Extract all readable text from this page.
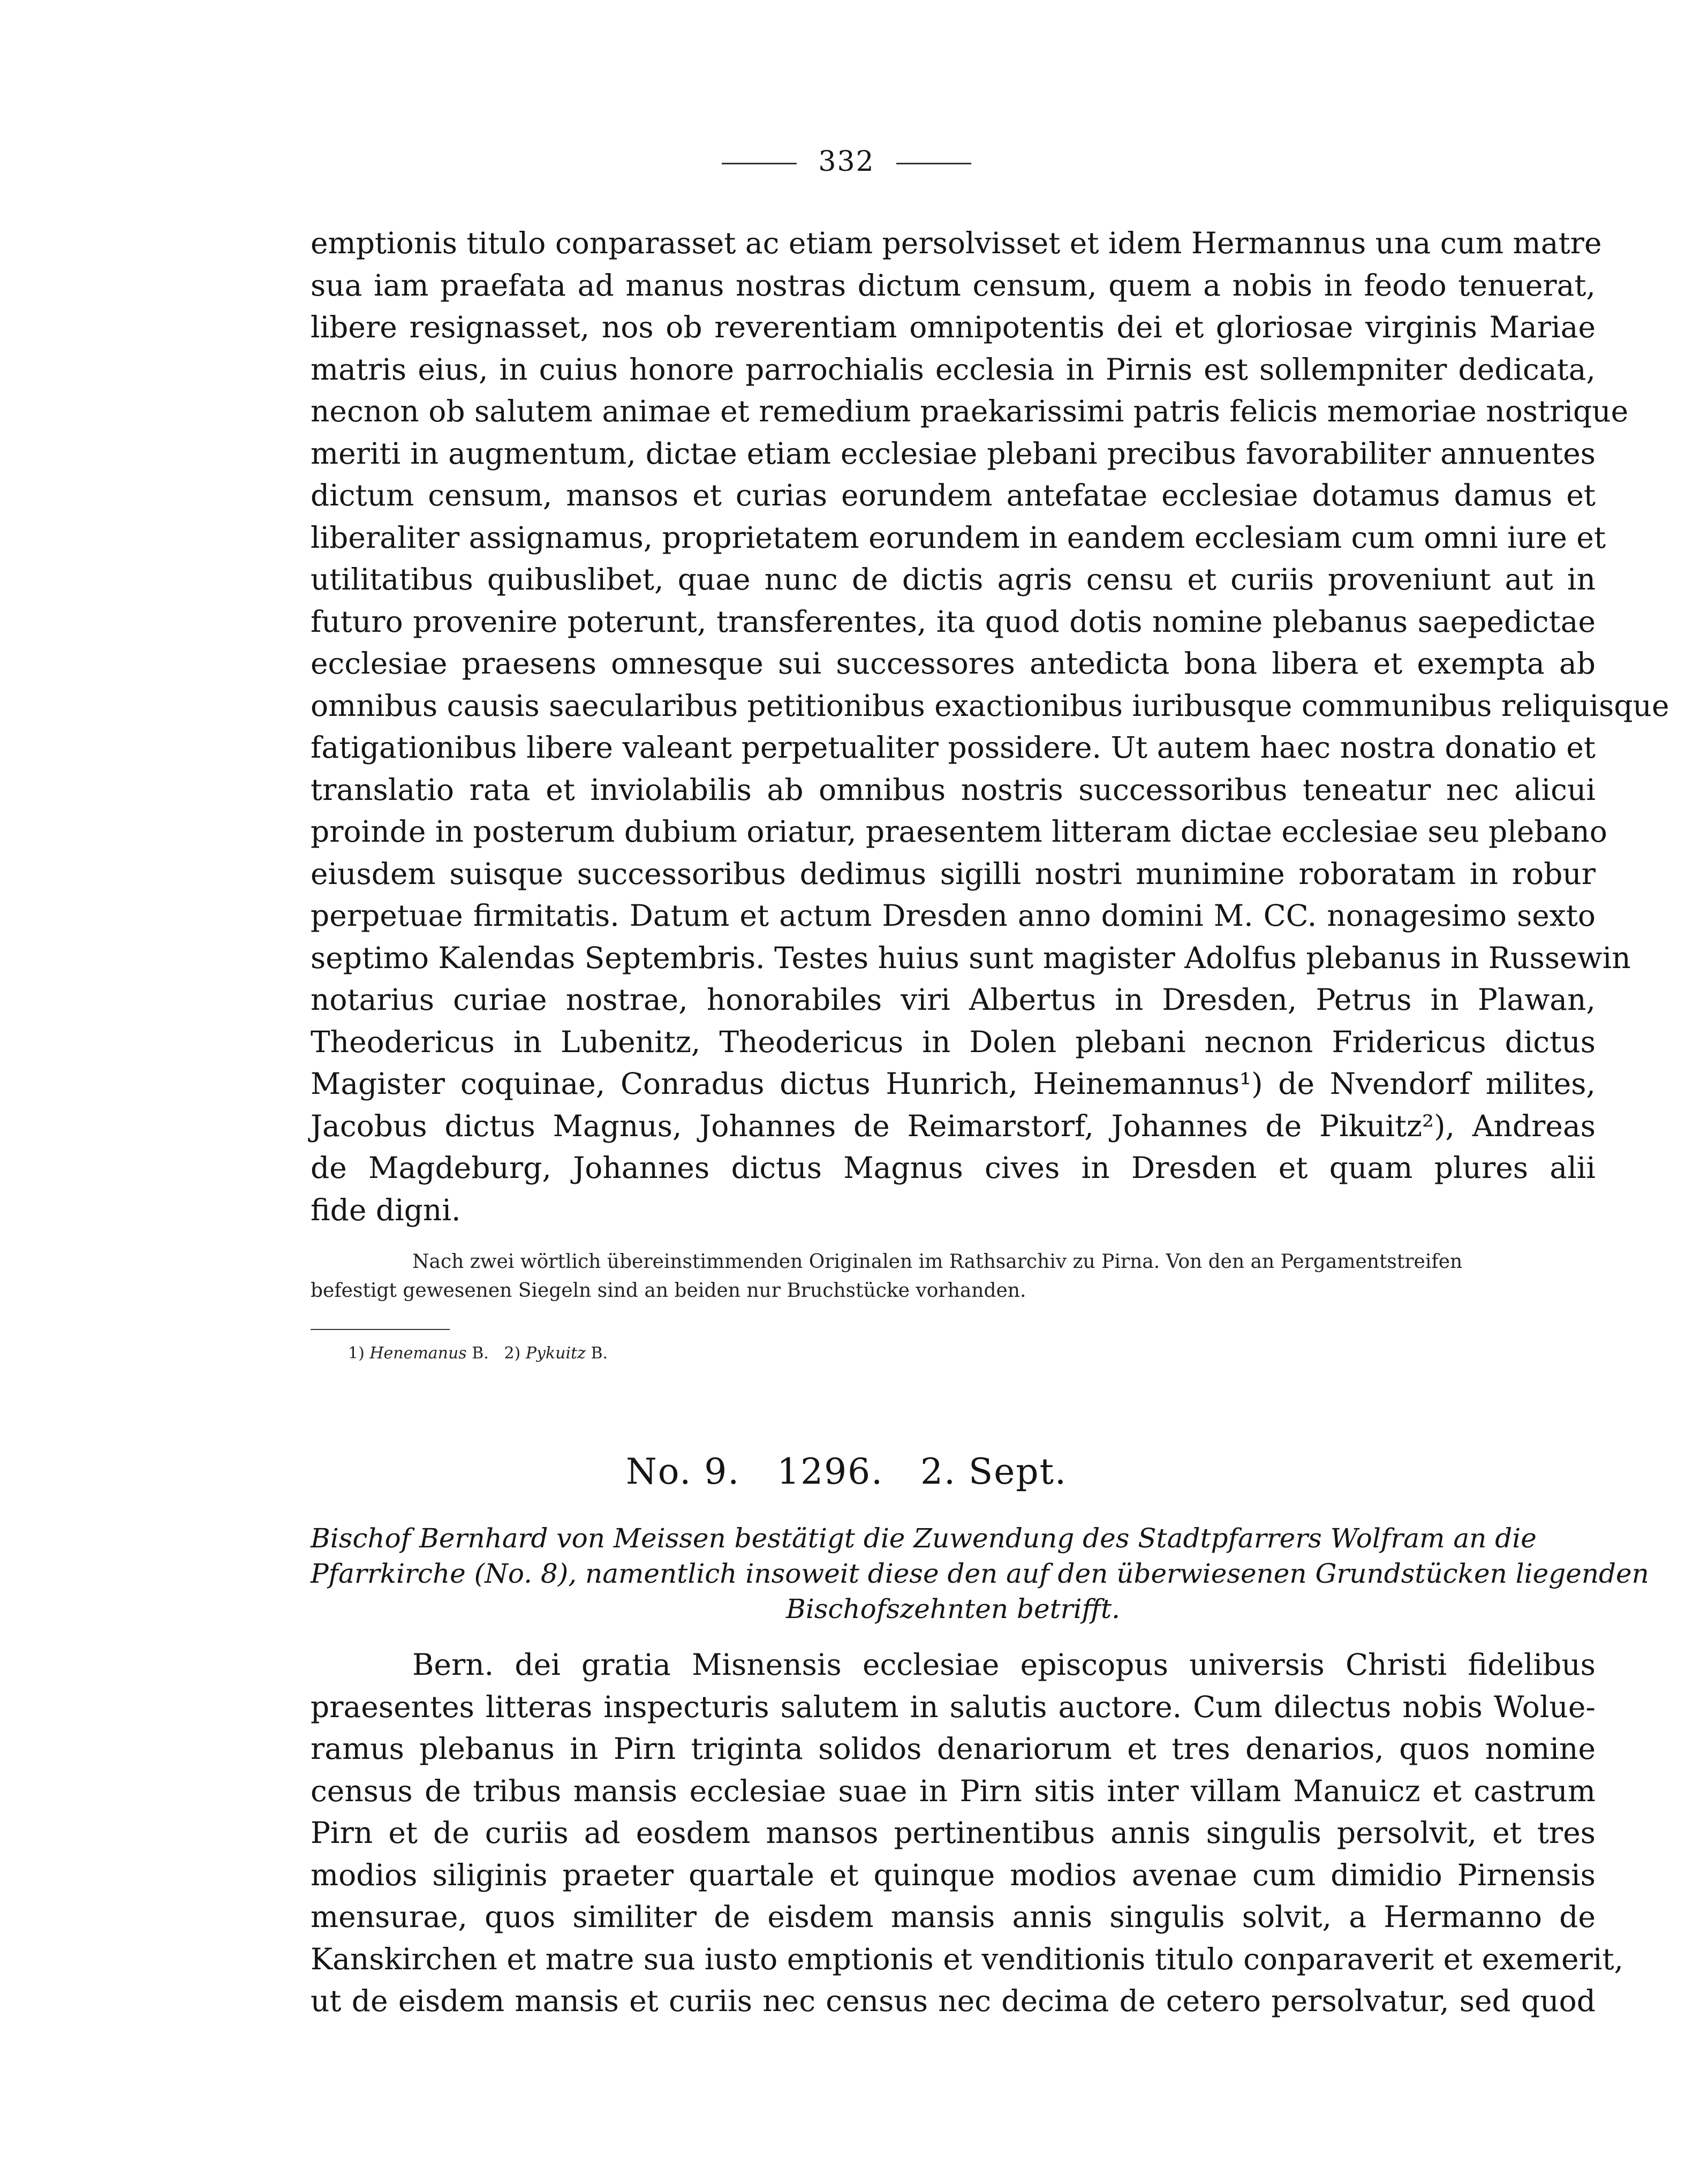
332
emptionis titulo conparasset ac etiam persolvisset et idem Hermannus una cum matre
sua iam praefata ad manus nostras dictum censum, quem a nobis in feodo tenuerat,
libere resignasset, nos ob reverentiam omnipotentis dei et gloriosae virginis Mariae
matris eius, in cuius honore parrochialis ecclesia in Pirnis est sollempniter dedicata,
necnon ob salutem animae et remedium praekarissimi patris felicis memoriae nostrique
meriti in augmentum, dictae etiam ecclesiae plebani precibus favorabiliter annuentes
dictum censum, mansos et curias eorundem antefatae ecclesiae dotamus damus et
liberaliter assignamus, proprietatem eorundem in eandem ecclesiam cum omni iure et
utilitatibus quibuslibet, quae nunc de dictis agris censu et curiis proveniunt aut in
futuro provenire poterunt, transferentes, ita quod dotis nomine plebanus saepedictae
ecclesiae praesens omnesque sui successores antedicta bona libera et exempta ab
omnibus causis saecularibus petitionibus exactionibus iuribusque communibus reliquisque
fatigationibus libere valeant perpetualiter possidere. Ut autem haec nostra donatio et
translatio rata et inviolabilis ab omnibus nostris successoribus teneatur nec alicui
proinde in posterum dubium oriatur, praesentem litteram dictae ecclesiae seu plebano
eiusdem suisque successoribus dedimus sigilli nostri munimine roboratam in robur
perpetuae firmitatis. Datum et actum Dresden anno domini M. CC. nonagesimo sexto
septimo Kalendas Septembris. Testes huius sunt magister Adolfus plebanus in Russewin
notarius curiae nostrae, honorabiles viri Albertus in Dresden, Petrus in Plawan,
Theodericus in Lubenitz, Theodericus in Dolen plebani necnon Fridericus dictus
Magister coquinae, Conradus dictus Hunrich, Heinemannus¹) de Nvendorf milites,
Jacobus dictus Magnus, Johannes de Reimarstorf, Johannes de Pikuitz²), Andreas
de Magdeburg, Johannes dictus Magnus cives in Dresden et quam plures alii
fide digni.
Nach zwei wörtlich übereinstimmenden Originalen im Rathsarchiv zu Pirna. Von den an Pergamentstreifen
befestigt gewesenen Siegeln sind an beiden nur Bruchstücke vorhanden.
1) Henemanus B. 2) Pykuitz B.
No. 9.   1296.   2. Sept.
Bischof Bernhard von Meissen bestätigt die Zuwendung des Stadtpfarrers Wolfram an die
Pfarrkirche (No. 8), namentlich insoweit diese den auf den überwiesenen Grundstücken liegenden
Bischofszehnten betrifft.
Bern. dei gratia Misnensis ecclesiae episcopus universis Christi fidelibus
praesentes litteras inspecturis salutem in salutis auctore. Cum dilectus nobis Wolue-
ramus plebanus in Pirn triginta solidos denariorum et tres denarios, quos nomine
census de tribus mansis ecclesiae suae in Pirn sitis inter villam Manuicz et castrum
Pirn et de curiis ad eosdem mansos pertinentibus annis singulis persolvit, et tres
modios siliginis praeter quartale et quinque modios avenae cum dimidio Pirnensis
mensurae, quos similiter de eisdem mansis annis singulis solvit, a Hermanno de
Kanskirchen et matre sua iusto emptionis et venditionis titulo conparaverit et exemerit,
ut de eisdem mansis et curiis nec census nec decima de cetero persolvatur, sed quod
